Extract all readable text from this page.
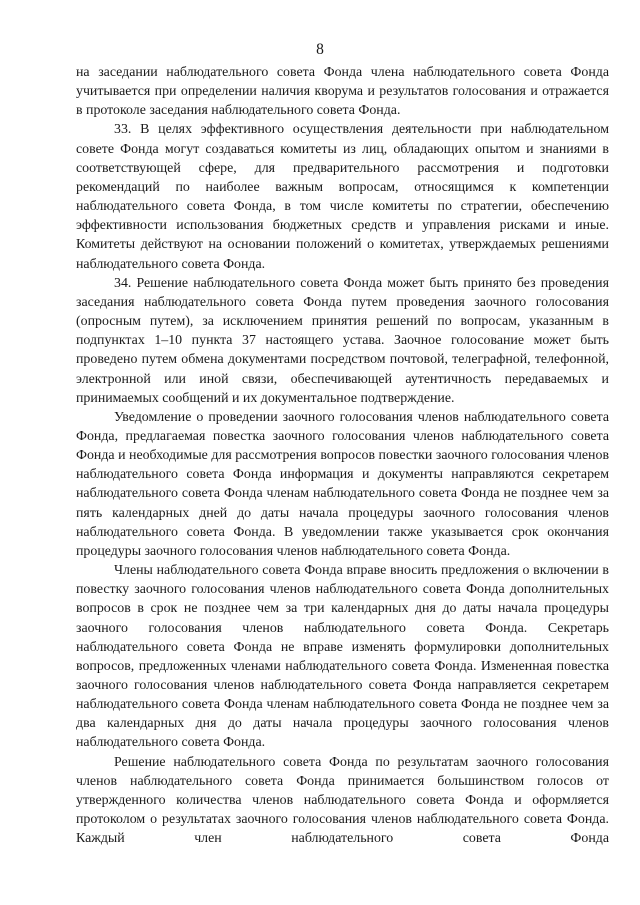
8

на заседании наблюдательного совета Фонда члена наблюдательного совета Фонда учитывается при определении наличия кворума и результатов голосования и отражается в протоколе заседания наблюдательного совета Фонда.

33. В целях эффективного осуществления деятельности при наблюдательном совете Фонда могут создаваться комитеты из лиц, обладающих опытом и знаниями в соответствующей сфере, для предварительного рассмотрения и подготовки рекомендаций по наиболее важным вопросам, относящимся к компетенции наблюдательного совета Фонда, в том числе комитеты по стратегии, обеспечению эффективности использования бюджетных средств и управления рисками и иные. Комитеты действуют на основании положений о комитетах, утверждаемых решениями наблюдательного совета Фонда.

34. Решение наблюдательного совета Фонда может быть принято без проведения заседания наблюдательного совета Фонда путем проведения заочного голосования (опросным путем), за исключением принятия решений по вопросам, указанным в подпунктах 1–10 пункта 37 настоящего устава. Заочное голосование может быть проведено путем обмена документами посредством почтовой, телеграфной, телефонной, электронной или иной связи, обеспечивающей аутентичность передаваемых и принимаемых сообщений и их документальное подтверждение.

Уведомление о проведении заочного голосования членов наблюдательного совета Фонда, предлагаемая повестка заочного голосования членов наблюдательного совета Фонда и необходимые для рассмотрения вопросов повестки заочного голосования членов наблюдательного совета Фонда информация и документы направляются секретарем наблюдательного совета Фонда членам наблюдательного совета Фонда не позднее чем за пять календарных дней до даты начала процедуры заочного голосования членов наблюдательного совета Фонда. В уведомлении также указывается срок окончания процедуры заочного голосования членов наблюдательного совета Фонда.

Члены наблюдательного совета Фонда вправе вносить предложения о включении в повестку заочного голосования членов наблюдательного совета Фонда дополнительных вопросов в срок не позднее чем за три календарных дня до даты начала процедуры заочного голосования членов наблюдательного совета Фонда. Секретарь наблюдательного совета Фонда не вправе изменять формулировки дополнительных вопросов, предложенных членами наблюдательного совета Фонда. Измененная повестка заочного голосования членов наблюдательного совета Фонда направляется секретарем наблюдательного совета Фонда членам наблюдательного совета Фонда не позднее чем за два календарных дня до даты начала процедуры заочного голосования членов наблюдательного совета Фонда.

Решение наблюдательного совета Фонда по результатам заочного голосования членов наблюдательного совета Фонда принимается большинством голосов от утвержденного количества членов наблюдательного совета Фонда и оформляется протоколом о результатах заочного голосования членов наблюдательного совета Фонда. Каждый член наблюдательного совета Фонда
